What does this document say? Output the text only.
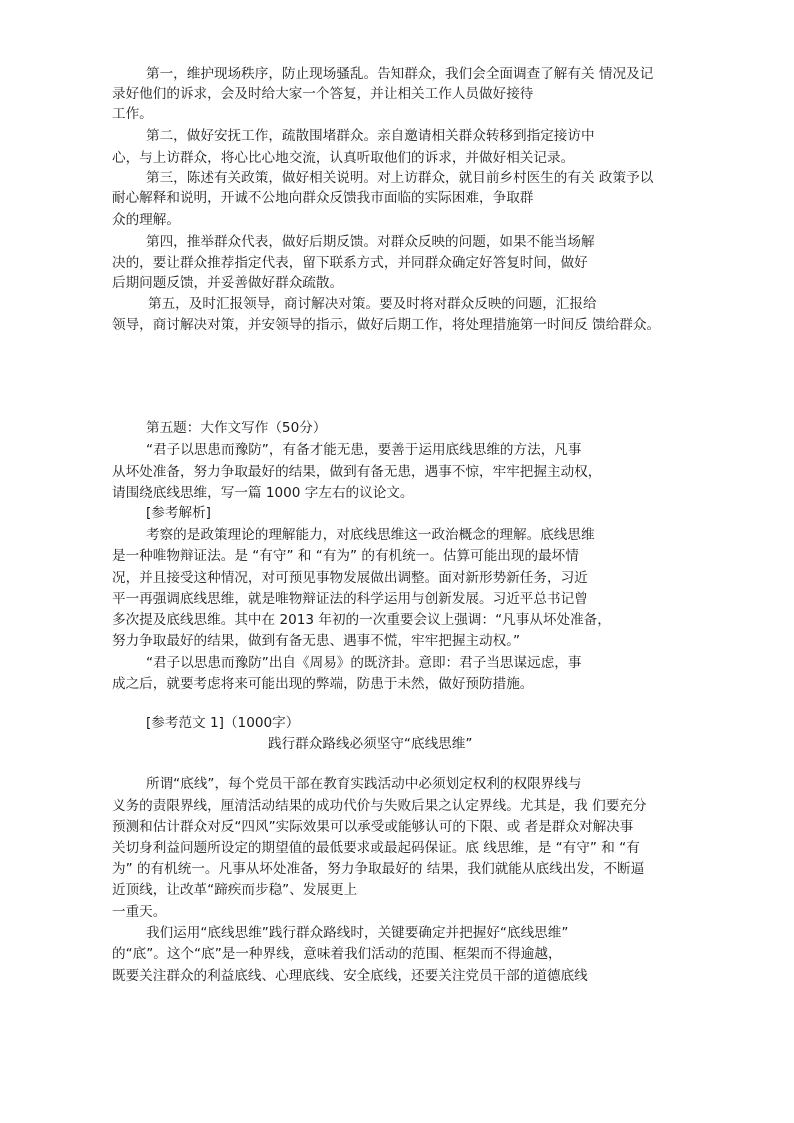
第一，维护现场秩序，防止现场骚乱。告知群众，我们会全面调查了解有关 情况及记
录好他们的诉求，会及时给大家一个答复，并让相关工作人员做好接待
工作。
第二，做好安抚工作，疏散围堵群众。亲自邀请相关群众转移到指定接访中
心，与上访群众，将心比心地交流，认真听取他们的诉求，并做好相关记录。
第三，陈述有关政策，做好相关说明。对上访群众，就目前乡村医生的有关 政策予以
耐心解释和说明，开诚不公地向群众反馈我市面临的实际困难，争取群
众的理解。
第四，推举群众代表，做好后期反馈。对群众反映的问题，如果不能当场解
决的，要让群众推荐指定代表，留下联系方式，并同群众确定好答复时间，做好
后期问题反馈，并妥善做好群众疏散。
第五，及时汇报领导，商讨解决对策。要及时将对群众反映的问题，汇报给
领导，商讨解决对策，并安领导的指示，做好后期工作，将处理措施第一时间反 馈给群众。
第五题：大作文写作（50分）
“君子以思患而豫防”，有备才能无患，要善于运用底线思维的方法，凡事
从坏处准备，努力争取最好的结果，做到有备无患，遇事不惊，牢牢把握主动权，
请围绕底线思维，写一篇 1000 字左右的议论文。
[参考解析]
考察的是政策理论的理解能力，对底线思维这一政治概念的理解。底线思维
是一种唯物辩证法。是 “有守” 和 “有为” 的有机统一。估算可能出现的最坏情
况，并且接受这种情况，对可预见事物发展做出调整。面对新形势新任务，习近
平一再强调底线思维，就是唯物辩证法的科学运用与创新发展。习近平总书记曾
多次提及底线思维。其中在 2013 年初的一次重要会议上强调：“凡事从坏处准备，
努力争取最好的结果，做到有备无患、遇事不慌，牢牢把握主动权。”
“君子以思患而豫防”出自《周易》的既济卦。意即：君子当思谋远虑，事
成之后，就要考虑将来可能出现的弊端，防患于未然，做好预防措施。
[参考范文 1]（1000字）
践行群众路线必须坚守“底线思维”
所谓“底线”，每个党员干部在教育实践活动中必须划定权利的权限界线与
义务的责限界线，厘清活动结果的成功代价与失败后果之认定界线。尤其是，我 们要充分
预测和估计群众对反“四风”实际效果可以承受或能够认可的下限、或 者是群众对解决事
关切身利益问题所设定的期望值的最低要求或最起码保证。底 线思维，是 “有守” 和 “有
为” 的有机统一。凡事从坏处准备，努力争取最好的 结果，我们就能从底线出发，不断逼
近顶线，让改革“蹄疾而步稳”、发展更上
一重天。
我们运用“底线思维”践行群众路线时，关键要确定并把握好“底线思维”
的“底”。这个“底”是一种界线，意味着我们活动的范围、框架而不得逾越，
既要关注群众的利益底线、心理底线、安全底线，还要关注党员干部的道德底线
